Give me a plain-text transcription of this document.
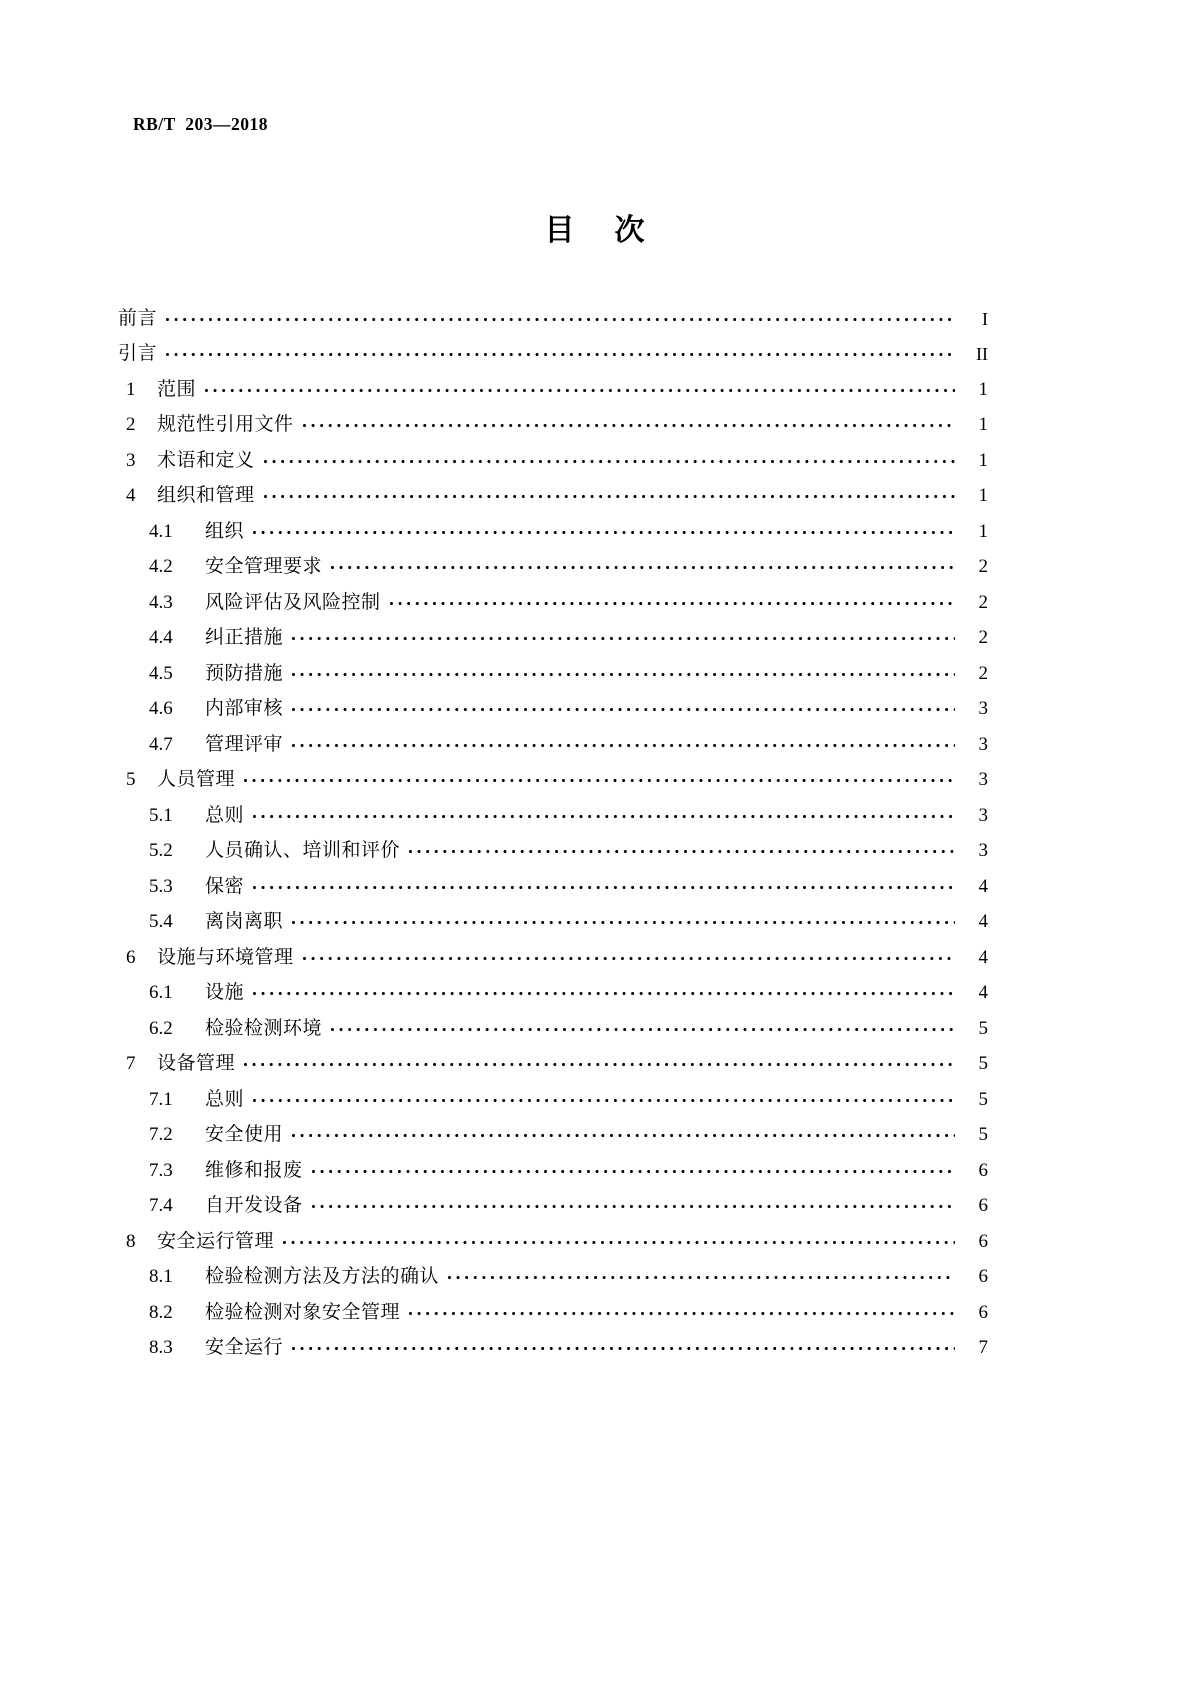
RB/T  203—2018
目    次
前言	I
引言	II
1	范围	1
2	规范性引用文件	1
3	术语和定义	1
4	组织和管理	1
4.1	组织	1
4.2	安全管理要求	2
4.3	风险评估及风险控制	2
4.4	纠正措施	2
4.5	预防措施	2
4.6	内部审核	3
4.7	管理评审	3
5	人员管理	3
5.1	总则	3
5.2	人员确认、培训和评价	3
5.3	保密	4
5.4	离岗离职	4
6	设施与环境管理	4
6.1	设施	4
6.2	检验检测环境	5
7	设备管理	5
7.1	总则	5
7.2	安全使用	5
7.3	维修和报废	6
7.4	自开发设备	6
8	安全运行管理	6
8.1	检验检测方法及方法的确认	6
8.2	检验检测对象安全管理	6
8.3	安全运行	7
